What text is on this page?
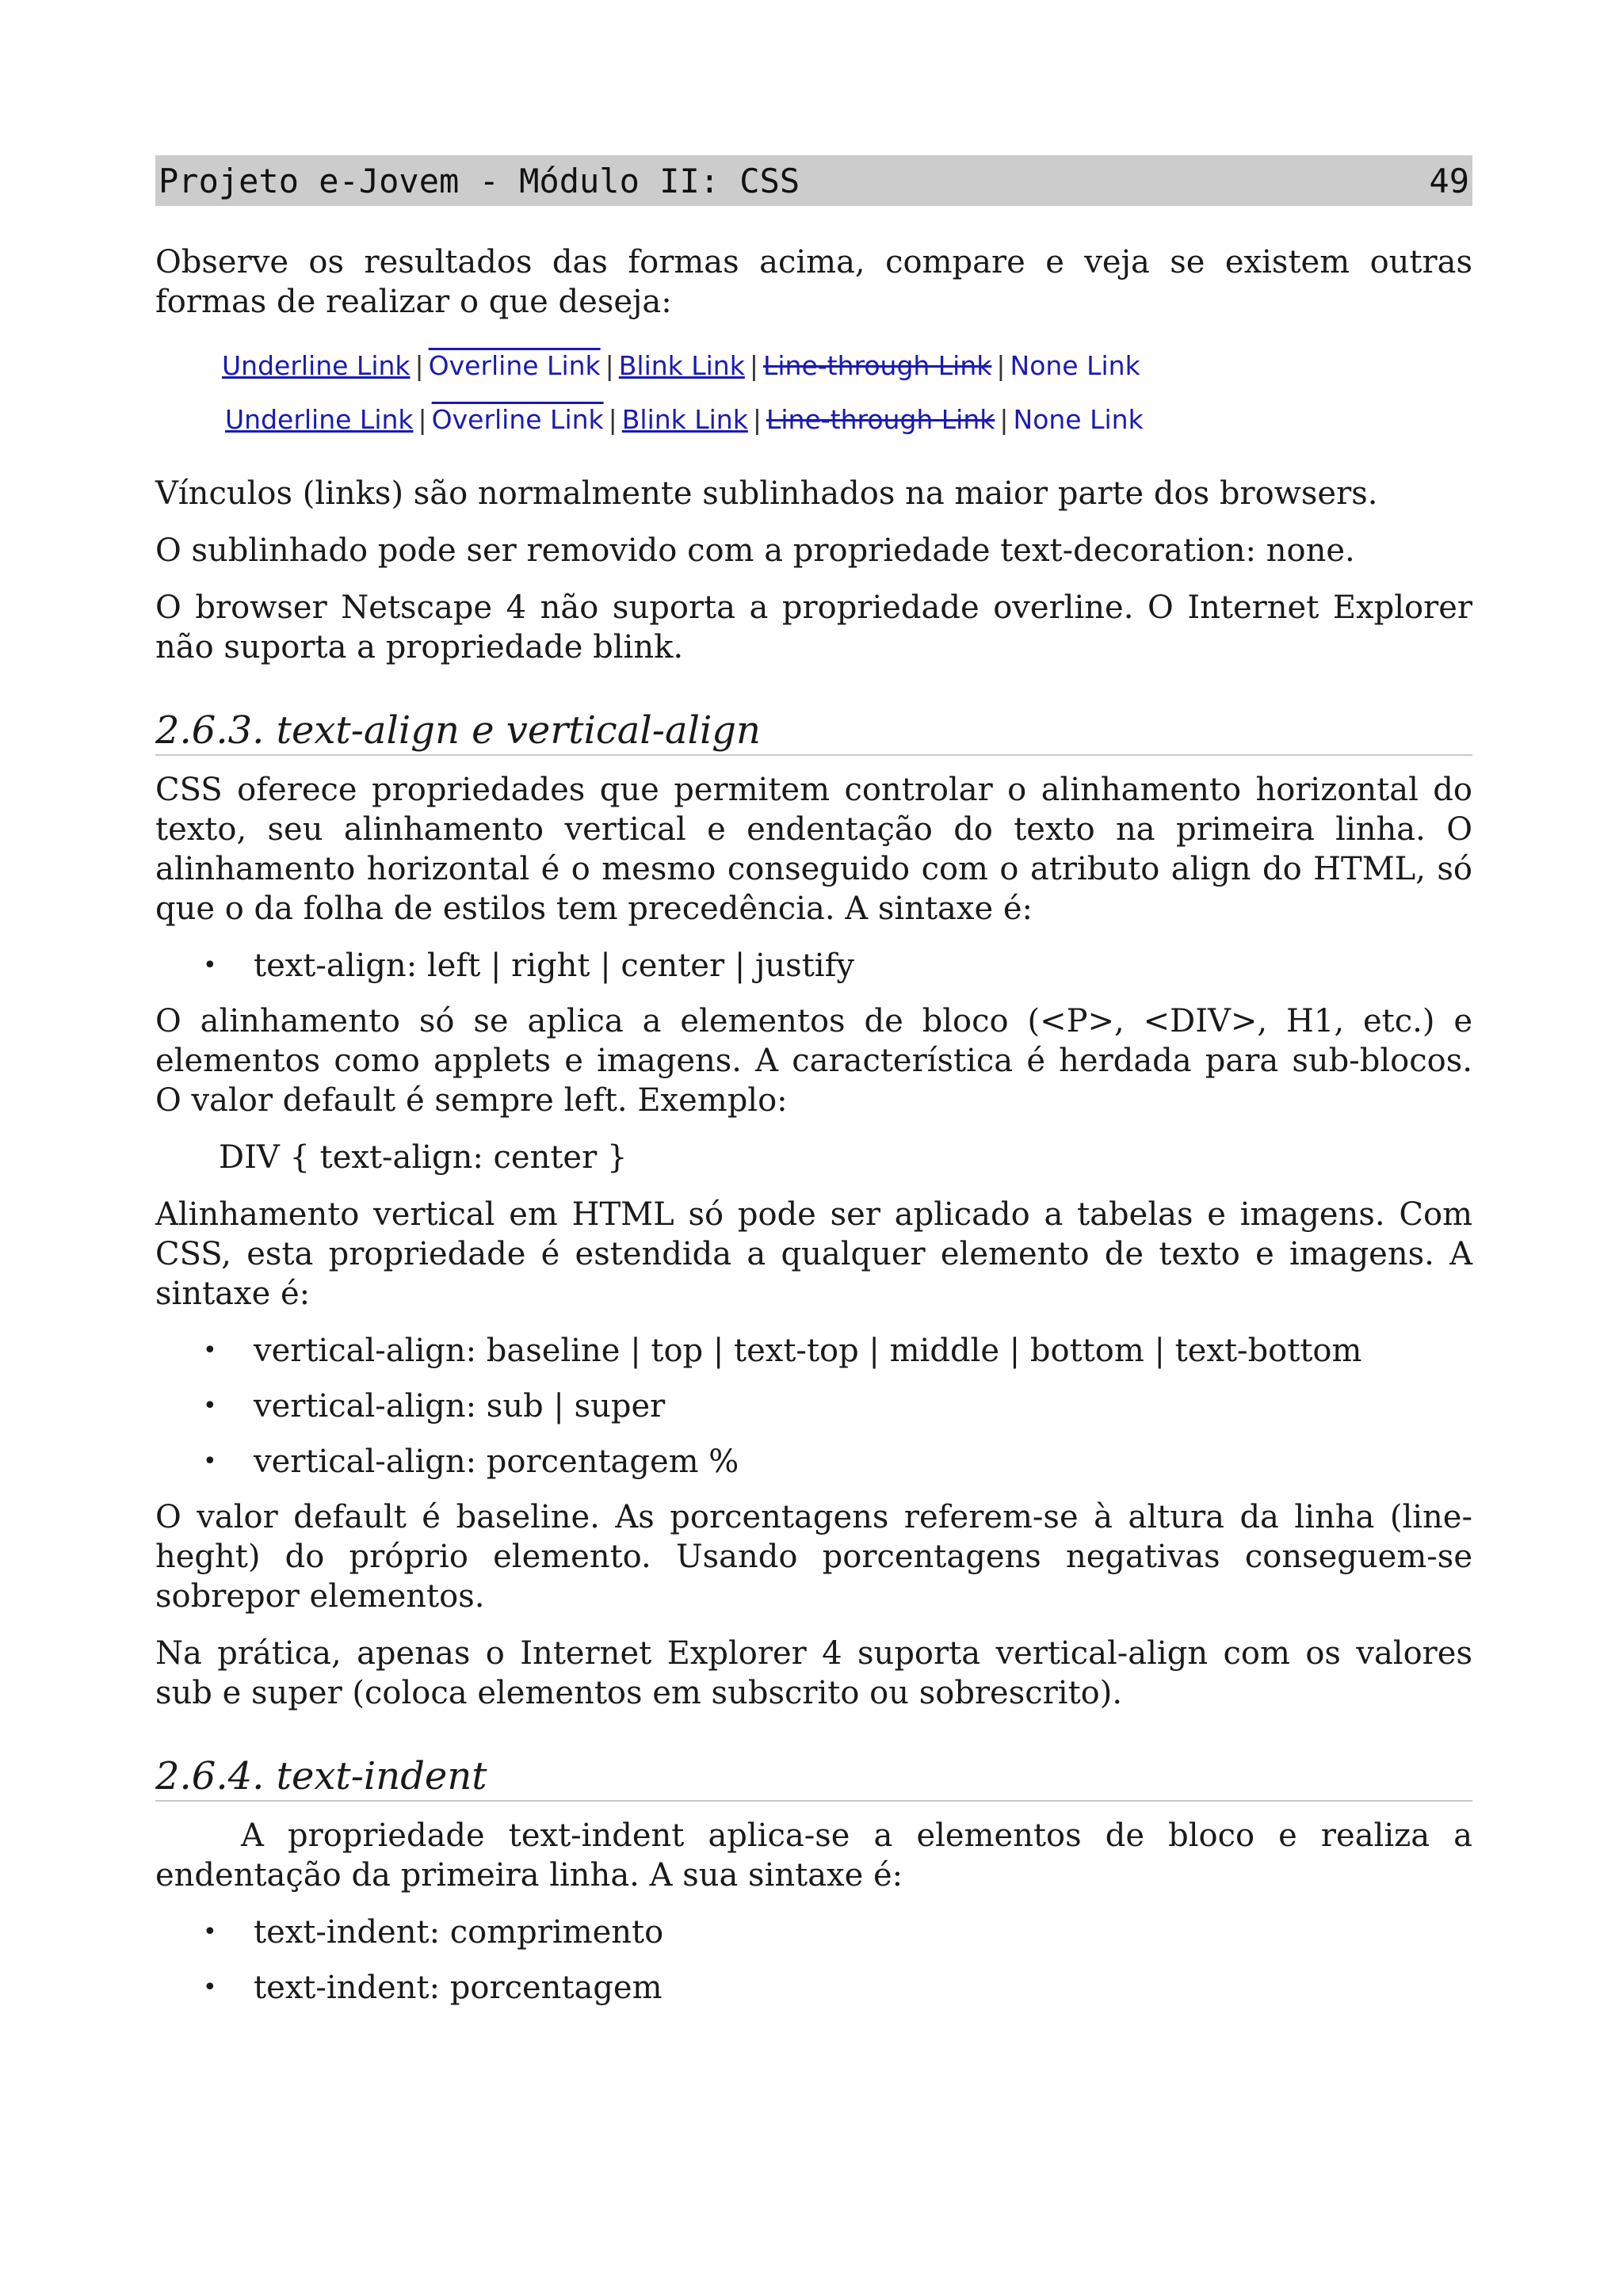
Projeto e-Jovem - Módulo II: CSS	49

Observe os resultados das formas acima, compare e veja se existem outras formas de realizar o que deseja:

Underline Link | Overline Link | Blink Link | Line-through Link | None Link
Underline Link | Overline Link | Blink Link | Line-through Link | None Link

Vínculos (links) são normalmente sublinhados na maior parte dos browsers.

O sublinhado pode ser removido com a propriedade text-decoration: none.

O browser Netscape 4 não suporta a propriedade overline. O Internet Explorer não suporta a propriedade blink.

2.6.3. text-align e vertical-align

CSS oferece propriedades que permitem controlar o alinhamento horizontal do texto, seu alinhamento vertical e endentação do texto na primeira linha. O alinhamento horizontal é o mesmo conseguido com o atributo align do HTML, só que o da folha de estilos tem precedência. A sintaxe é:

• text-align: left | right | center | justify

O alinhamento só se aplica a elementos de bloco (<P>, <DIV>, H1, etc.) e elementos como applets e imagens. A característica é herdada para sub-blocos. O valor default é sempre left. Exemplo:

DIV { text-align: center }

Alinhamento vertical em HTML só pode ser aplicado a tabelas e imagens. Com CSS, esta propriedade é estendida a qualquer elemento de texto e imagens. A sintaxe é:

• vertical-align: baseline | top | text-top | middle | bottom | text-bottom
• vertical-align: sub | super
• vertical-align: porcentagem %

O valor default é baseline. As porcentagens referem-se à altura da linha (line-heght) do próprio elemento. Usando porcentagens negativas conseguem-se sobrepor elementos.

Na prática, apenas o Internet Explorer 4 suporta vertical-align com os valores sub e super (coloca elementos em subscrito ou sobrescrito).

2.6.4. text-indent

A propriedade text-indent aplica-se a elementos de bloco e realiza a endentação da primeira linha. A sua sintaxe é:

• text-indent: comprimento
• text-indent: porcentagem
